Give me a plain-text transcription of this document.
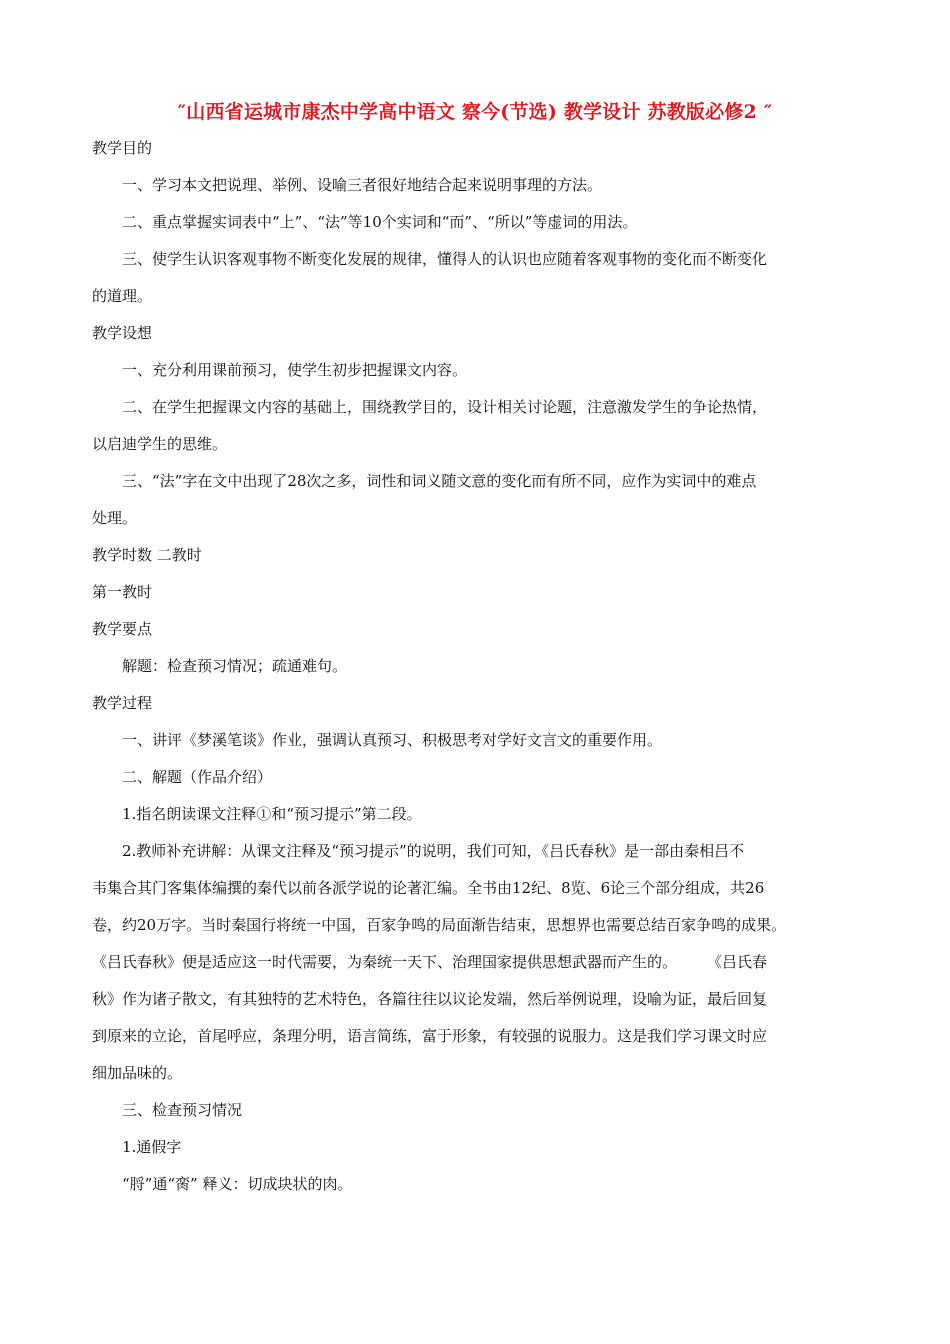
″山西省运城市康杰中学高中语文 察今(节选) 教学设计 苏教版必修2 ″
教学目的
一、学习本文把说理、举例、设喻三者很好地结合起来说明事理的方法。
二、重点掌握实词表中“上”、“法”等10个实词和“而”、“所以”等虚词的用法。
三、使学生认识客观事物不断变化发展的规律，懂得人的认识也应随着客观事物的变化而不断变化
的道理。
教学设想
一、充分利用课前预习，使学生初步把握课文内容。
二、在学生把握课文内容的基础上，围绕教学目的，设计相关讨论题，注意激发学生的争论热情，
以启迪学生的思维。
三、“法”字在文中出现了28次之多，词性和词义随文意的变化而有所不同，应作为实词中的难点
处理。
教学时数 二教时
第一教时
教学要点
解题：检查预习情况；疏通难句。
教学过程
一、讲评《梦溪笔谈》作业，强调认真预习、积极思考对学好文言文的重要作用。
二、解题（作品介绍）
1.指名朗读课文注释①和“预习提示”第二段。
2.教师补充讲解：从课文注释及“预习提示”的说明，我们可知，《吕氏春秋》是一部由秦相吕不
韦集合其门客集体编撰的秦代以前各派学说的论著汇编。全书由12纪、8览、6论三个部分组成，共26
卷，约20万字。当时秦国行将统一中国，百家争鸣的局面渐告结束，思想界也需要总结百家争鸣的成果。
《吕氏春秋》便是适应这一时代需要，为秦统一天下、治理国家提供思想武器而产生的。　　　《吕氏春
秋》作为诸子散文，有其独特的艺术特色，各篇往往以议论发端，然后举例说理，设喻为证，最后回复
到原来的立论，首尾呼应，条理分明，语言简练，富于形象，有较强的说服力。这是我们学习课文时应
细加品味的。
三、检查预习情况
1.通假字
“脟”通“脔” 释义：切成块状的肉。
